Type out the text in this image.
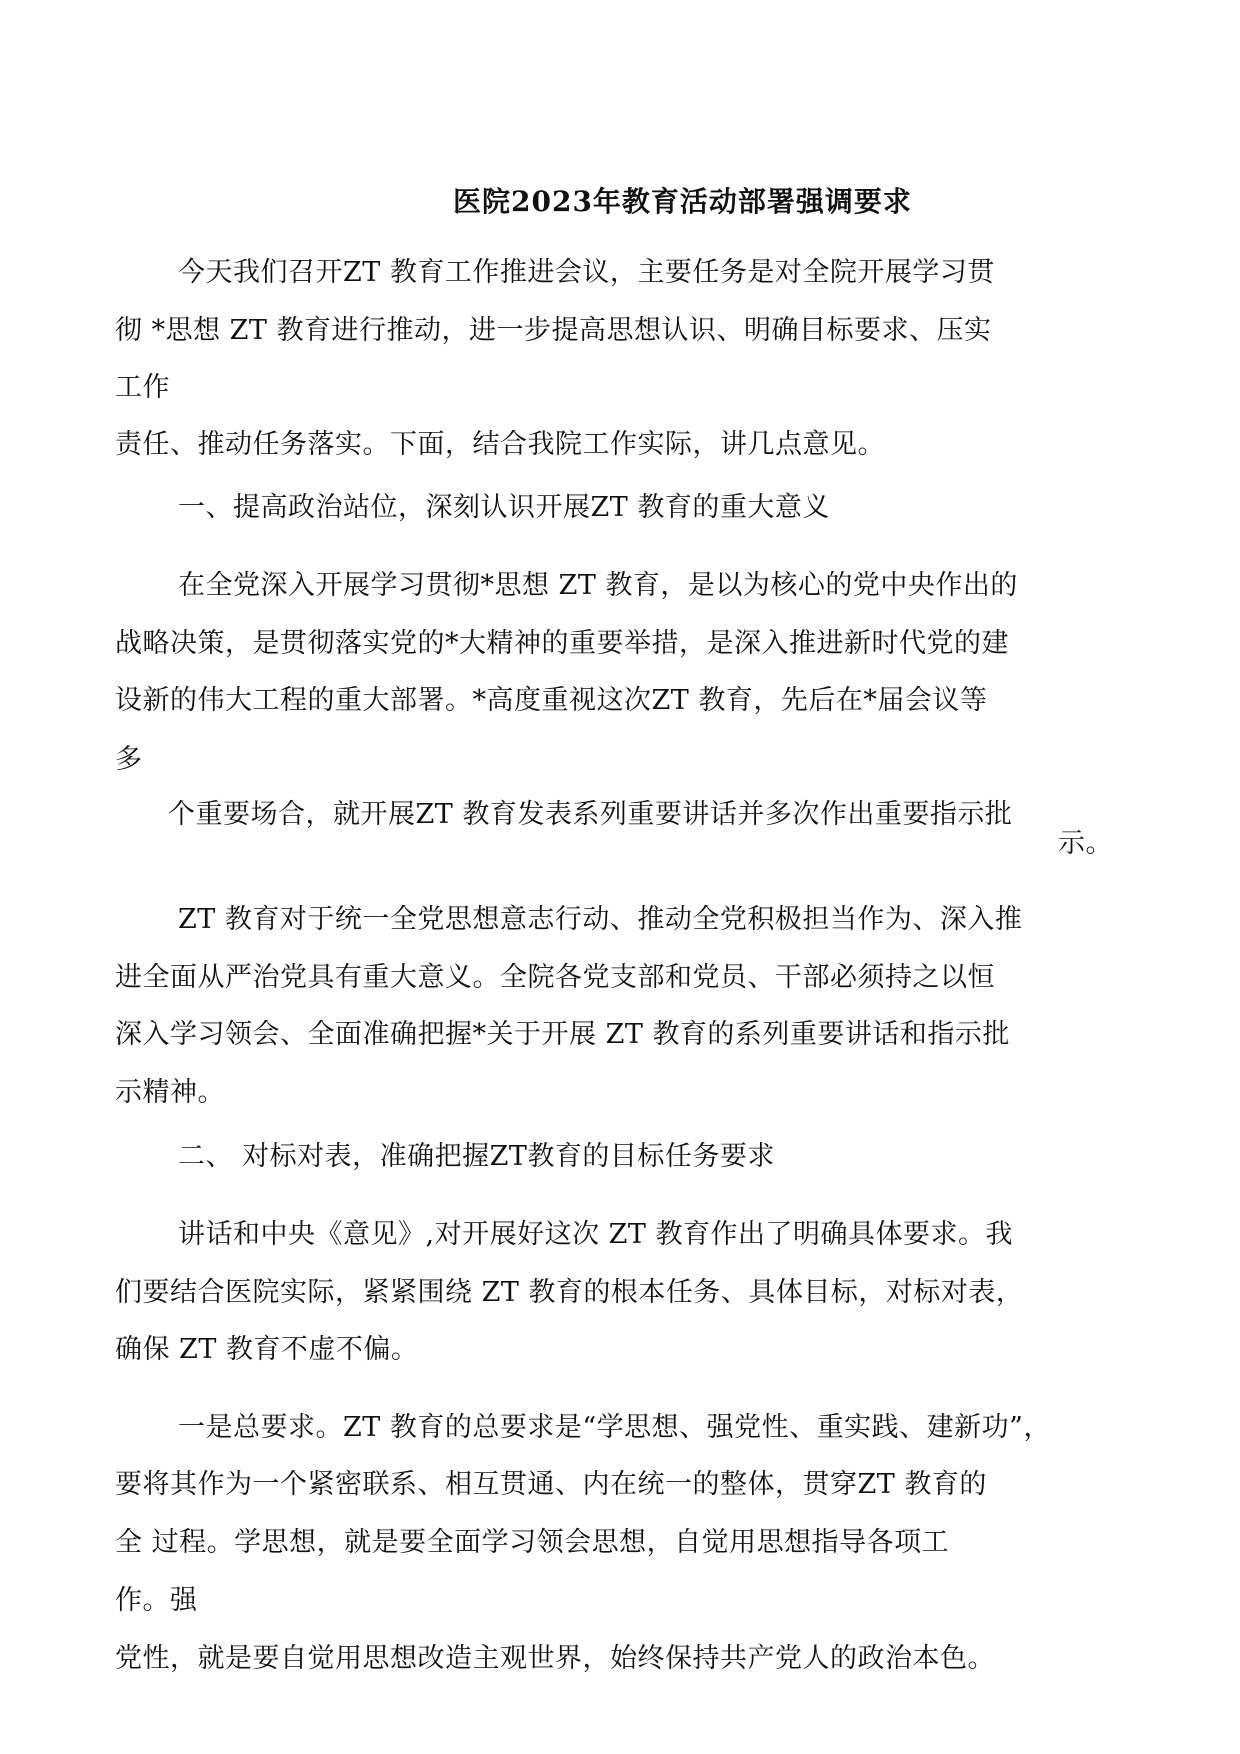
医院2023年教育活动部署强调要求
今天我们召开ZT 教育工作推进会议，主要任务是对全院开展学习贯
彻 *思想 ZT 教育进行推动，进一步提高思想认识、明确目标要求、压实
工作
责任、推动任务落实。下面，结合我院工作实际，讲几点意见。
一、提高政治站位，深刻认识开展ZT 教育的重大意义
在全党深入开展学习贯彻*思想 ZT 教育，是以为核心的党中央作出的
战略决策，是贯彻落实党的*大精神的重要举措，是深入推进新时代党的建
设新的伟大工程的重大部署。*高度重视这次ZT 教育，先后在*届会议等
多
个重要场合，就开展ZT 教育发表系列重要讲话并多次作出重要指示批
示。
ZT 教育对于统一全党思想意志行动、推动全党积极担当作为、深入推
进全面从严治党具有重大意义。全院各党支部和党员、干部必须持之以恒
深入学习领会、全面准确把握*关于开展 ZT 教育的系列重要讲话和指示批
示精神。
二、 对标对表，准确把握ZT教育的目标任务要求
讲话和中央《意见》,对开展好这次 ZT 教育作出了明确具体要求。我
们要结合医院实际，紧紧围绕 ZT 教育的根本任务、具体目标，对标对表，
确保 ZT 教育不虚不偏。
一是总要求。ZT 教育的总要求是“学思想、强党性、重实践、建新功”，
要将其作为一个紧密联系、相互贯通、内在统一的整体，贯穿ZT 教育的
全 过程。学思想，就是要全面学习领会思想，自觉用思想指导各项工
作。强
党性，就是要自觉用思想改造主观世界，始终保持共产党人的政治本色。
